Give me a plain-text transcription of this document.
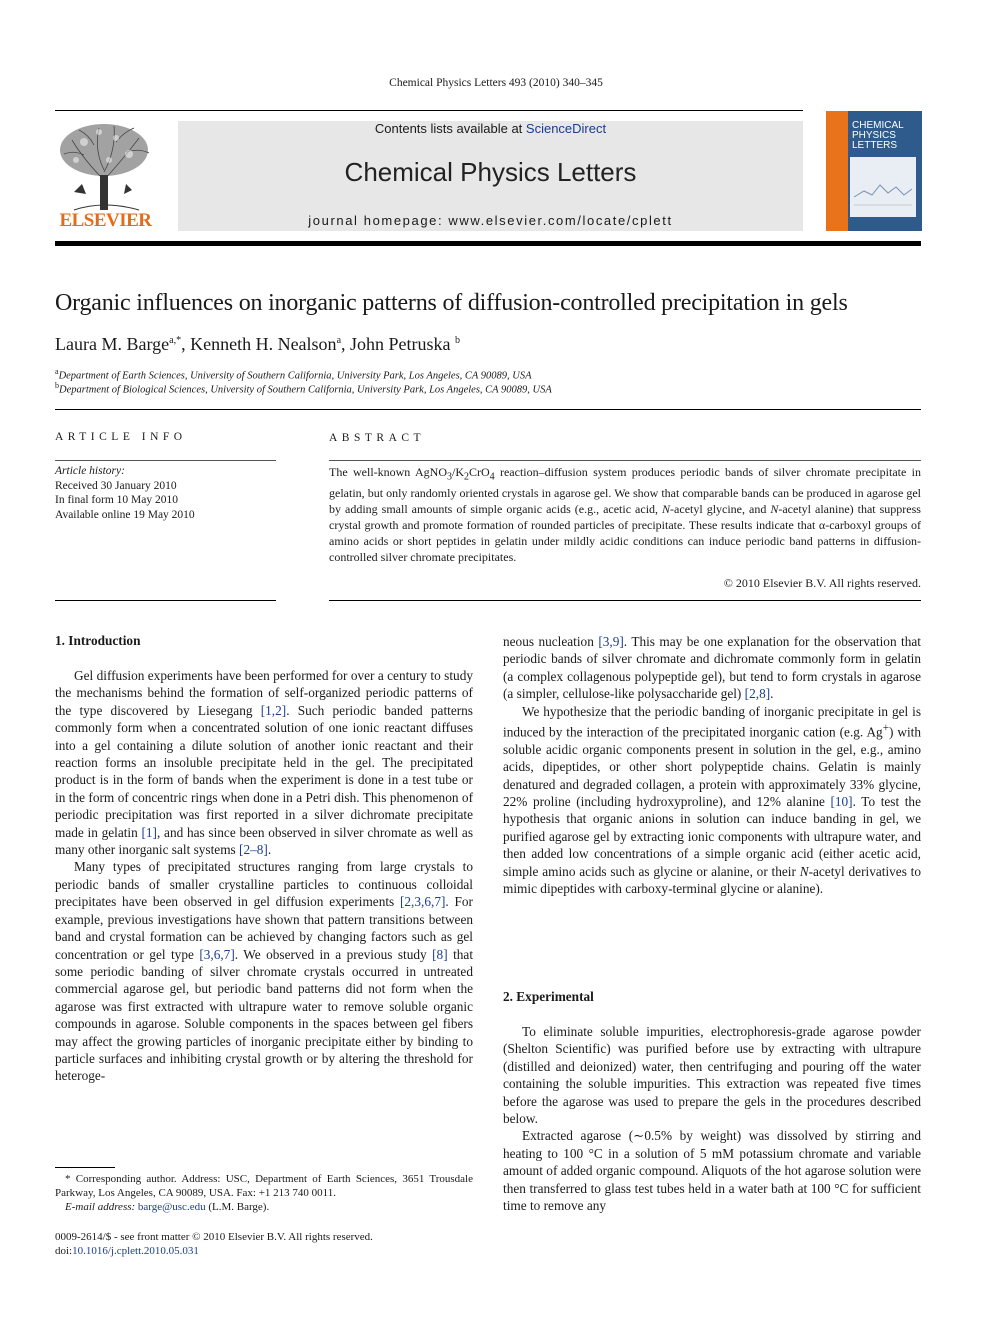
Chemical Physics Letters 493 (2010) 340–345
ELSEVIER
Contents lists available at ScienceDirect
Chemical Physics Letters
journal homepage: www.elsevier.com/locate/cplett
CHEMICAL
PHYSICS
LETTERS
Organic influences on inorganic patterns of diffusion-controlled precipitation in gels
Laura M. Barge$^{a,*}$, Kenneth H. Nealson$^a$, John Petruska $^b$
$^a$Department of Earth Sciences, University of Southern California, University Park, Los Angeles, CA 90089, USA
$^b$Department of Biological Sciences, University of Southern California, University Park, Los Angeles, CA 90089, USA
ARTICLE INFO	ABSTRACT
Article history:
Received 30 January 2010
In final form 10 May 2010
Available online 19 May 2010
The well-known $AgNO_3/K_2CrO_4$ reaction–diffusion system produces periodic bands of silver chromate precipitate in gelatin, but only randomly oriented crystals in agarose gel. We show that comparable bands can be produced in agarose gel by adding small amounts of simple organic acids (e.g., acetic acid, N-acetyl glycine, and N-acetyl alanine) that suppress crystal growth and promote formation of rounded particles of precipitate. These results indicate that α-carboxyl groups of amino acids or short peptides in gelatin under mildly acidic conditions can induce periodic band patterns in diffusion-controlled silver chromate precipitates.
© 2010 Elsevier B.V. All rights reserved.
1. Introduction

Gel diffusion experiments have been performed for over a century to study the mechanisms behind the formation of self-organized periodic patterns of the type discovered by Liesegang [1,2]. Such periodic banded patterns commonly form when a concentrated solution of one ionic reactant diffuses into a gel containing a dilute solution of another ionic reactant and their reaction forms an insoluble precipitate held in the gel. The precipitated product is in the form of bands when the experiment is done in a test tube or in the form of concentric rings when done in a Petri dish. This phenomenon of periodic precipitation was first reported in a silver dichromate precipitate made in gelatin [1], and has since been observed in silver chromate as well as many other inorganic salt systems [2–8].

Many types of precipitated structures ranging from large crystals to periodic bands of smaller crystalline particles to continuous colloidal precipitates have been observed in gel diffusion experiments [2,3,6,7]. For example, previous investigations have shown that pattern transitions between band and crystal formation can be achieved by changing factors such as gel concentration or gel type [3,6,7]. We observed in a previous study [8] that some periodic banding of silver chromate crystals occurred in untreated commercial agarose gel, but periodic band patterns did not form when the agarose was first extracted with ultrapure water to remove soluble organic compounds in agarose. Soluble components in the spaces between gel fibers may affect the growing particles of inorganic precipitate either by binding to particle surfaces and inhibiting crystal growth or by altering the threshold for heteroge-

neous nucleation [3,9]. This may be one explanation for the observation that periodic bands of silver chromate and dichromate commonly form in gelatin (a complex collagenous polypeptide gel), but tend to form crystals in agarose (a simpler, cellulose-like polysaccharide gel) [2,8].

We hypothesize that the periodic banding of inorganic precipitate in gel is induced by the interaction of the precipitated inorganic cation (e.g. Ag+) with soluble acidic organic components present in solution in the gel, e.g., amino acids, dipeptides, or other short polypeptide chains. Gelatin is mainly denatured and degraded collagen, a protein with approximately 33% glycine, 22% proline (including hydroxyproline), and 12% alanine [10]. To test the hypothesis that organic anions in solution can induce banding in gel, we purified agarose gel by extracting ionic components with ultrapure water, and then added low concentrations of a simple organic acid (either acetic acid, simple amino acids such as glycine or alanine, or their N-acetyl derivatives to mimic dipeptides with carboxy-terminal glycine or alanine).

2. Experimental

To eliminate soluble impurities, electrophoresis-grade agarose powder (Shelton Scientific) was purified before use by extracting with ultrapure (distilled and deionized) water, then centrifuging and pouring off the water containing the soluble impurities. This extraction was repeated five times before the agarose was used to prepare the gels in the procedures described below.

Extracted agarose (∼0.5% by weight) was dissolved by stirring and heating to 100 °C in a solution of 5 mM potassium chromate and variable amount of added organic compound. Aliquots of the hot agarose solution were then transferred to glass test tubes held in a water bath at 100 °C for sufficient time to remove any

* Corresponding author. Address: USC, Department of Earth Sciences, 3651 Trousdale Parkway, Los Angeles, CA 90089, USA. Fax: +1 213 740 0011.
E-mail address: barge@usc.edu (L.M. Barge).
0009-2614/$ - see front matter © 2010 Elsevier B.V. All rights reserved.
doi:10.1016/j.cplett.2010.05.031
